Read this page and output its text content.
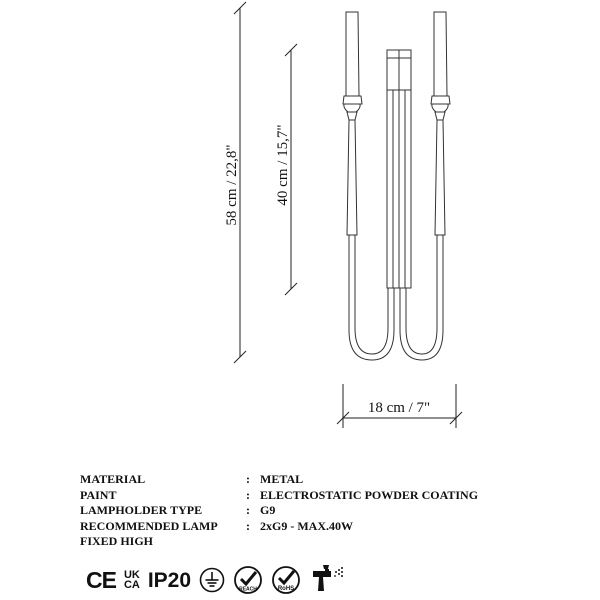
58 cm / 22,8" 40 cm / 15,7"
18 cm / 7"
MATERIAL	: METAL
PAINT	: ELECTROSTATIC POWDER COATING
LAMPHOLDER TYPE	: G9
RECOMMENDED LAMP	: 2xG9 - MAX.40W
FIXED HIGH
CE UK
CA IP20	REACH	RoHS
